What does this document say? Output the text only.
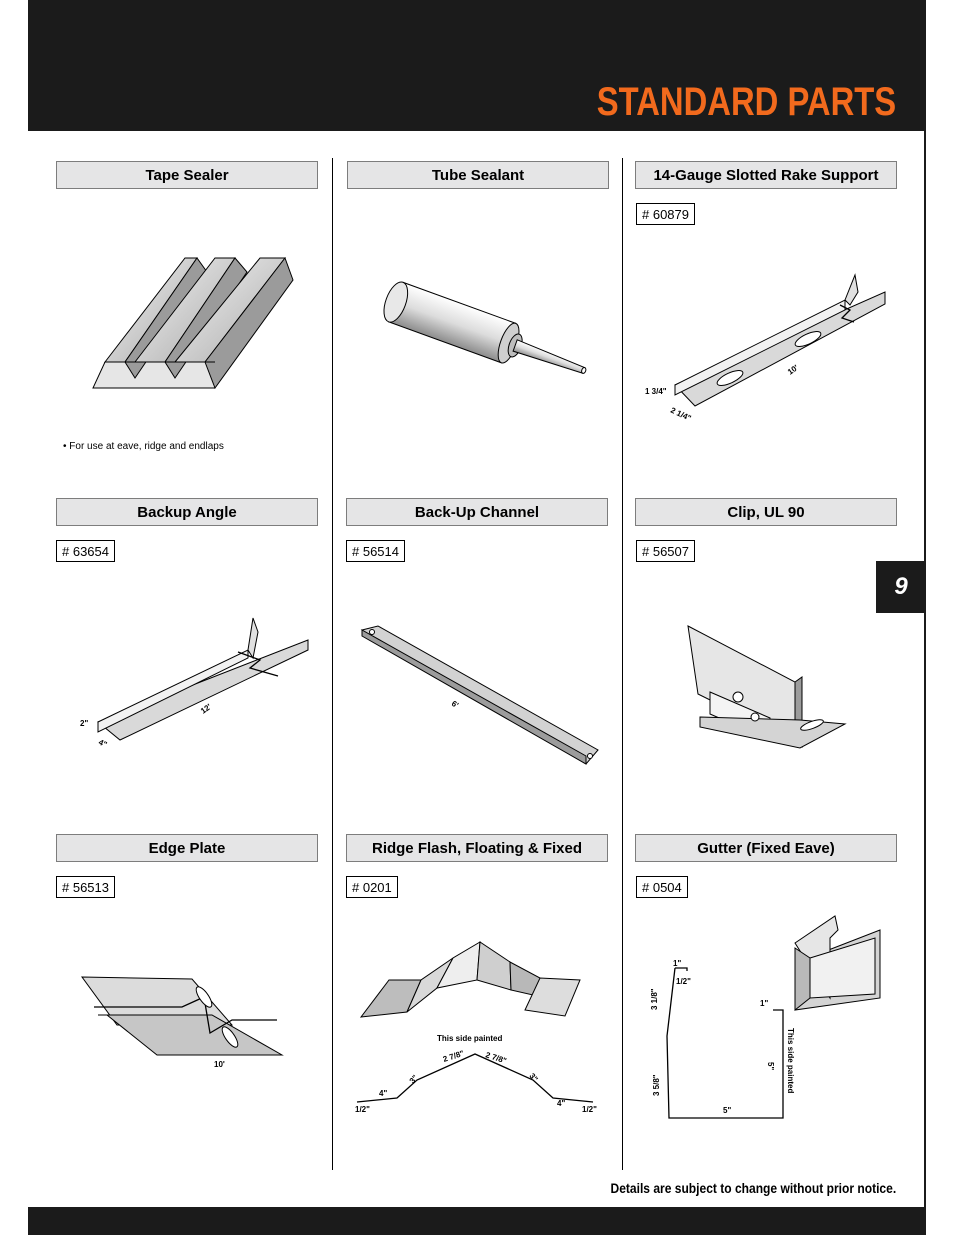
STANDARD PARTS
9
Tape Sealer	Tube Sealant	14-Gauge Slotted Rake Support
# 60879
• For use at eave, ridge and endlaps
Backup Angle	Back-Up Channel	Clip, UL 90
# 63654	# 56514	# 56507
Edge Plate	Ridge Flash, Floating & Fixed	Gutter (Fixed Eave)
# 56513	# 0201	# 0504
1 3/4"
2 1/4"
10'
2"
4"
12'	6'
10'
This side painted
2 7/8" 2 7/8"
3"	3"
4"
4"
1/2"	1/2"
1"
1/2"
3 1/8"	1"
This side painted
5"
3 5/8"
5"
Details are subject to change without prior notice.
